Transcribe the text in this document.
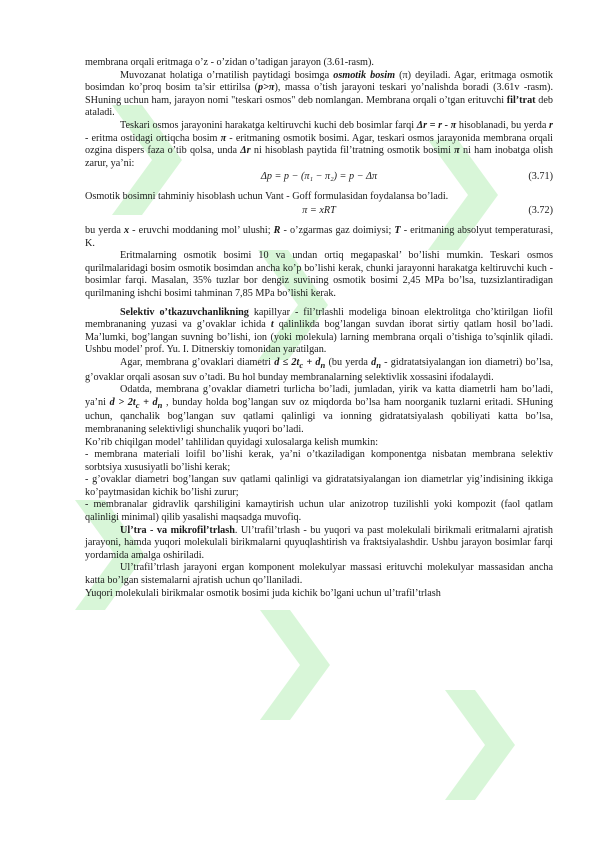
membrana orqali eritmaga o’z - o’zidan o’tadigan jarayon (3.61-rasm).

Muvozanat holatiga o’rnatilish paytidagi bosimga osmotik bosim (π) deyiladi. Agar, eritmaga osmotik bosimdan ko’proq bosim ta’sir ettirilsa (p>π), massa o’tish jarayoni teskari yo’nalishda boradi (3.61v -rasm). SHuning uchun ham, jarayon nomi "teskari osmos" deb nomlangan. Membrana orqali o’tgan erituvchi fil’trat deb ataladi.

Teskari osmos jarayonini harakatga keltiruvchi kuchi deb bosimlar farqi Δr = r - π hisoblanadi, bu yerda r - eritma ostidagi ortiqcha bosim π - eritmaning osmotik bosimi. Agar, teskari osmos jarayonida membrana orqali ozgina dispers faza o’tib qolsa, unda Δr ni hisoblash paytida fil’tratning osmotik bosimi π ni ham inobatga olish zarur, ya’ni:

Δp = p − (π₁ − π₂) = p − Δπ	(3.71)

Osmotik bosimni tahminiy hisoblash uchun Vant - Goff formulasidan foydalansa bo’ladi.

π = xRT	(3.72)

bu yerda x - eruvchi moddaning mol’ ulushi; R - o’zgarmas gaz doimiysi; T - eritmaning absolyut temperaturasi, K.

Eritmalarning osmotik bosimi 10 va undan ortiq megapaskal’ bo’lishi mumkin. Teskari osmos qurilmalaridagi bosim osmotik bosimdan ancha ko’p bo’lishi kerak, chunki jarayonni harakatga keltiruvchi kuch - bosimlar farqi. Masalan, 35% tuzlar bor dengiz suvining osmotik bosimi 2,45 MPa bo’lsa, tuzsizlantiradigan qurilmaning ishchi bosimi tahminan 7,85 MPa bo’lishi kerak.

Selektiv o’tkazuvchanlikning kapillyar - fil’trlashli modeliga binoan elektrolitga cho’ktirilgan liofil membrananing yuzasi va g’ovaklar ichida t qalinlikda bog’langan suvdan iborat sirtiy qatlam hosil bo’ladi. Ma’lumki, bog’langan suvning bo’lishi, ion (yoki molekula) larning membrana orqali o’tishiga to’sqinlik qiladi. Ushbu model’ prof. Yu. I. Ditnerskiy tomonidan yaratilgan.

Agar, membrana g’ovaklari diametri $d \le 2t_c + d_n$ (bu yerda $d_n$ - gidratatsiyalangan ion diametri) bo’lsa, g’ovaklar orqali asosan suv o’tadi. Bu hol bunday membranalarning selektivlik xossasini ifodalaydi.

Odatda, membrana g’ovaklar diametri turlicha bo’ladi, jumladan, yirik va katta diametrli ham bo’ladi, ya’ni $d > 2t_c + d_n$ , bunday holda bog’langan suv oz miqdorda bo’lsa ham noorganik tuzlarni eritadi. SHuning uchun, qanchalik bog’langan suv qatlami qalinligi va ionning gidratatsiyalash qobiliyati katta bo’lsa, membrananing selektivligi shunchalik yuqori bo’ladi.

Ko’rib chiqilgan model’ tahlilidan quyidagi xulosalarga kelish mumkin:

- membrana materiali loifil bo’lishi kerak, ya’ni o’tkaziladigan komponentga nisbatan membrana selektiv sorbtsiya xususiyatli bo’lishi kerak;

- g’ovaklar diametri bog’langan suv qatlami qalinligi va gidratatsiyalangan ion diametrlar yig’indisining ikkiga ko’paytmasidan kichik bo’lishi zurur;

- membranalar gidravlik qarshiligini kamaytirish uchun ular anizotrop tuzilishli yoki kompozit (faol qatlam qalinligi minimal) qilib yasalishi maqsadga muvofiq.

Ul’tra - va mikrofil’trlash. Ul’trafil’trlash - bu yuqori va past molekulali birikmali eritmalarni ajratish jarayoni, hamda yuqori molekulali birikmalarni quyuqlashtirish va fraktsiyalashdir. Ushbu jarayon bosimlar farqi yordamida amalga oshiriladi.

Ul’trafil’trlash jarayoni ergan komponent molekulyar massasi erituvchi molekulyar massasidan ancha katta bo’lgan sistemalarni ajratish uchun qo’llaniladi.

Yuqori molekulali birikmalar osmotik bosimi juda kichik bo’lgani uchun ul’trafil’trlash
